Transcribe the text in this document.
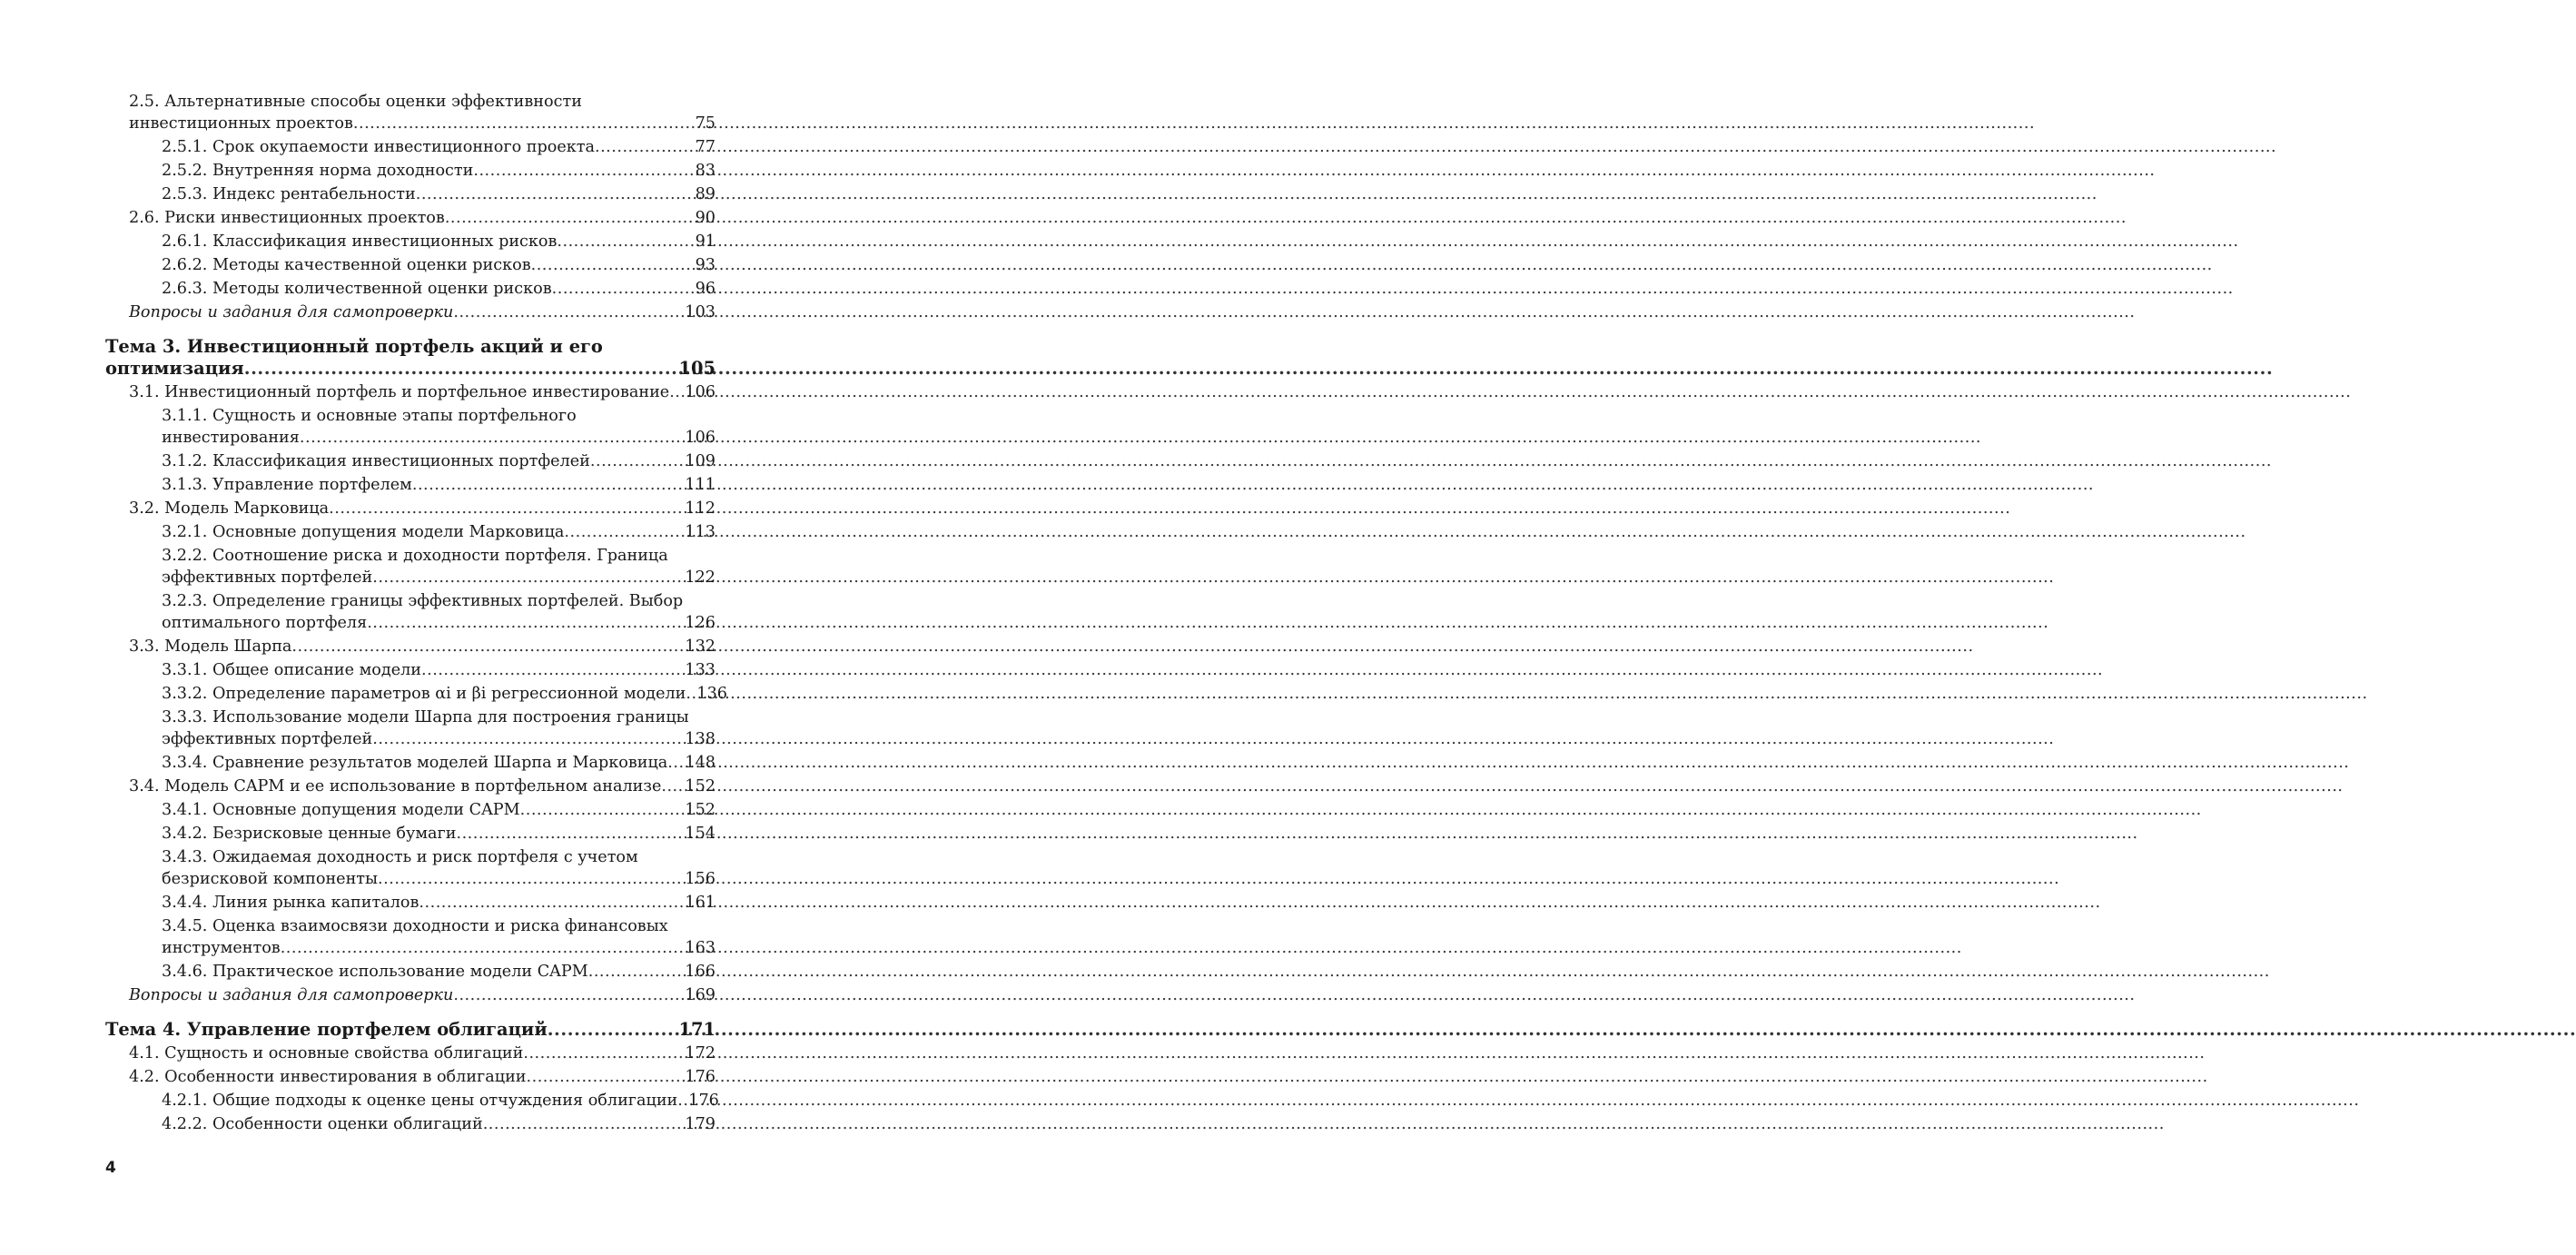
2.5. Альтернативные способы оценки эффективности
инвестиционных проектов .....	75
2.5.1. Срок окупаемости инвестиционного проекта .....	77
2.5.2. Внутренняя норма доходности .....	83
2.5.3. Индекс рентабельности .....	89
2.6. Риски инвестиционных проектов .....	90
2.6.1. Классификация инвестиционных рисков .....	91
2.6.2. Методы качественной оценки рисков .....	93
2.6.3. Методы количественной оценки рисков .....	96
Вопросы и задания для самопроверки .....	103
Тема 3. Инвестиционный портфель акций и его
оптимизация .....	105
3.1. Инвестиционный портфель и портфельное инвестирование ..... 106
3.1.1. Сущность и основные этапы портфельного
инвестирования .....	106
3.1.2. Классификация инвестиционных портфелей .....	109
3.1.3. Управление портфелем .....	111
3.2. Модель Марковица .....	112
3.2.1. Основные допущения модели Марковица .....	113
3.2.2. Соотношение риска и доходности портфеля. Граница
эффективных портфелей .....	122
3.2.3. Определение границы эффективных портфелей. Выбор
оптимального портфеля .....	126
3.3. Модель Шарпа .....	132
3.3.1. Общее описание модели .....	133
3.3.2. Определение параметров αi и βi регрессионной модели ..... 136
3.3.3. Использование модели Шарпа для построения границы
эффективных портфелей .....	138
3.3.4. Сравнение результатов моделей Шарпа и Марковица ..... 148
3.4. Модель CAPM и ее использование в портфельном анализе ..... 152
3.4.1. Основные допущения модели CAPM .....	152
3.4.2. Безрисковые ценные бумаги .....	154
3.4.3. Ожидаемая доходность и риск портфеля с учетом
безрисковой компоненты .....	156
3.4.4. Линия рынка капиталов .....	161
3.4.5. Оценка взаимосвязи доходности и риска финансовых
инструментов .....	163
3.4.6. Практическое использование модели CAPM .....	166
Вопросы и задания для самопроверки .....	169
Тема 4. Управление портфелем облигаций .....	171
4.1. Сущность и основные свойства облигаций .....	172
4.2. Особенности инвестирования в облигации .....	176
4.2.1. Общие подходы к оценке цены отчуждения облигации ..... 176
4.2.2. Особенности оценки облигаций .....	179
4
